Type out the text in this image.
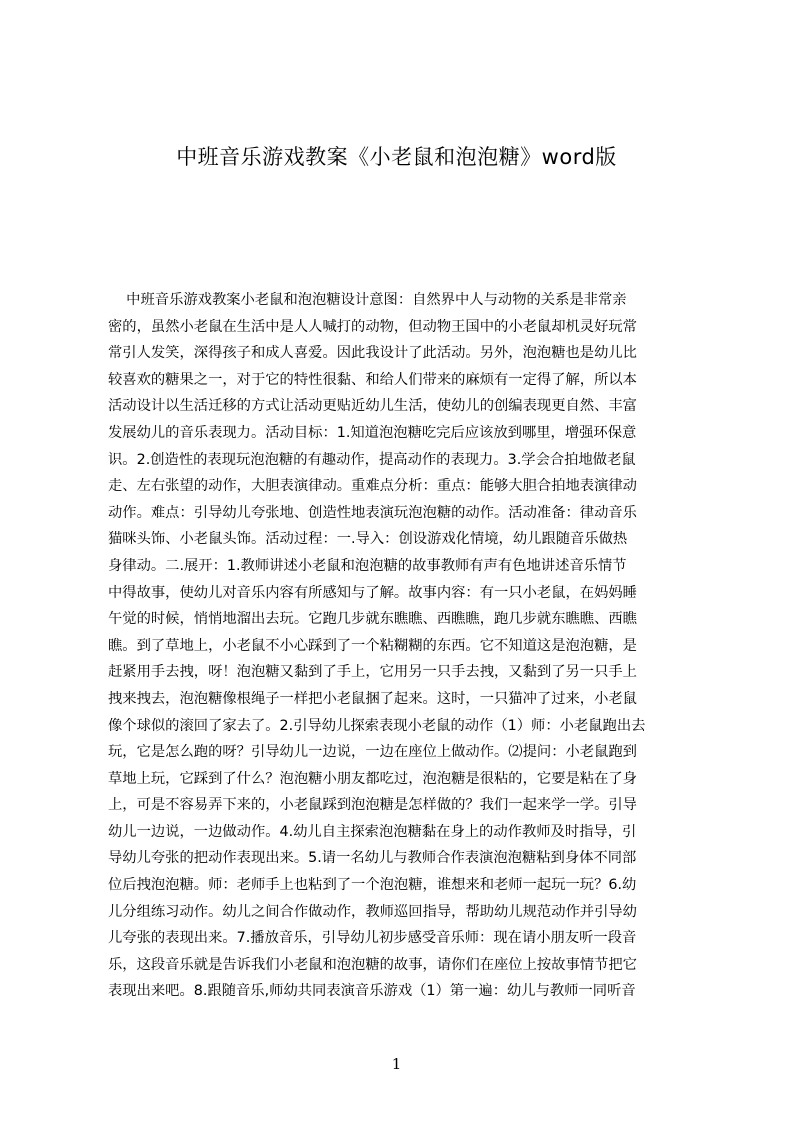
中班音乐游戏教案《小老鼠和泡泡糖》word版
中班音乐游戏教案小老鼠和泡泡糖设计意图：自然界中人与动物的关系是非常亲
密的，虽然小老鼠在生活中是人人喊打的动物，但动物王国中的小老鼠却机灵好玩常
常引人发笑，深得孩子和成人喜爱。因此我设计了此活动。另外，泡泡糖也是幼儿比
较喜欢的糖果之一，对于它的特性很黏、和给人们带来的麻烦有一定得了解，所以本
活动设计以生活迁移的方式让活动更贴近幼儿生活，使幼儿的创编表现更自然、丰富
发展幼儿的音乐表现力。活动目标：1.知道泡泡糖吃完后应该放到哪里，增强环保意
识。2.创造性的表现玩泡泡糖的有趣动作，提高动作的表现力。3.学会合拍地做老鼠
走、左右张望的动作，大胆表演律动。重难点分析：重点：能够大胆合拍地表演律动
动作。难点：引导幼儿夸张地、创造性地表演玩泡泡糖的动作。活动准备：律动音乐
猫咪头饰、小老鼠头饰。活动过程：一.导入：创设游戏化情境，幼儿跟随音乐做热
身律动。二.展开：1.教师讲述小老鼠和泡泡糖的故事教师有声有色地讲述音乐情节
中得故事，使幼儿对音乐内容有所感知与了解。故事内容：有一只小老鼠，在妈妈睡
午觉的时候，悄悄地溜出去玩。它跑几步就东瞧瞧、西瞧瞧，跑几步就东瞧瞧、西瞧
瞧。到了草地上，小老鼠不小心踩到了一个粘糊糊的东西。它不知道这是泡泡糖，是
赶紧用手去拽，呀！泡泡糖又黏到了手上，它用另一只手去拽，又黏到了另一只手上
拽来拽去，泡泡糖像根绳子一样把小老鼠捆了起来。这时，一只猫冲了过来，小老鼠
像个球似的滚回了家去了。2.引导幼儿探索表现小老鼠的动作（1）师：小老鼠跑出去
玩，它是怎么跑的呀？引导幼儿一边说，一边在座位上做动作。⑵提问：小老鼠跑到
草地上玩，它踩到了什么？泡泡糖小朋友都吃过，泡泡糖是很粘的，它要是粘在了身
上，可是不容易弄下来的，小老鼠踩到泡泡糖是怎样做的？我们一起来学一学。引导
幼儿一边说，一边做动作。4.幼儿自主探索泡泡糖黏在身上的动作教师及时指导，引
导幼儿夸张的把动作表现出来。5.请一名幼儿与教师合作表演泡泡糖粘到身体不同部
位后拽泡泡糖。师：老师手上也粘到了一个泡泡糖，谁想来和老师一起玩一玩？6.幼
儿分组练习动作。幼儿之间合作做动作，教师巡回指导，帮助幼儿规范动作并引导幼
儿夸张的表现出来。7.播放音乐，引导幼儿初步感受音乐师：现在请小朋友听一段音
乐，这段音乐就是告诉我们小老鼠和泡泡糖的故事，请你们在座位上按故事情节把它
表现出来吧。8.跟随音乐,师幼共同表演音乐游戏（1）第一遍：幼儿与教师一同听音
1
